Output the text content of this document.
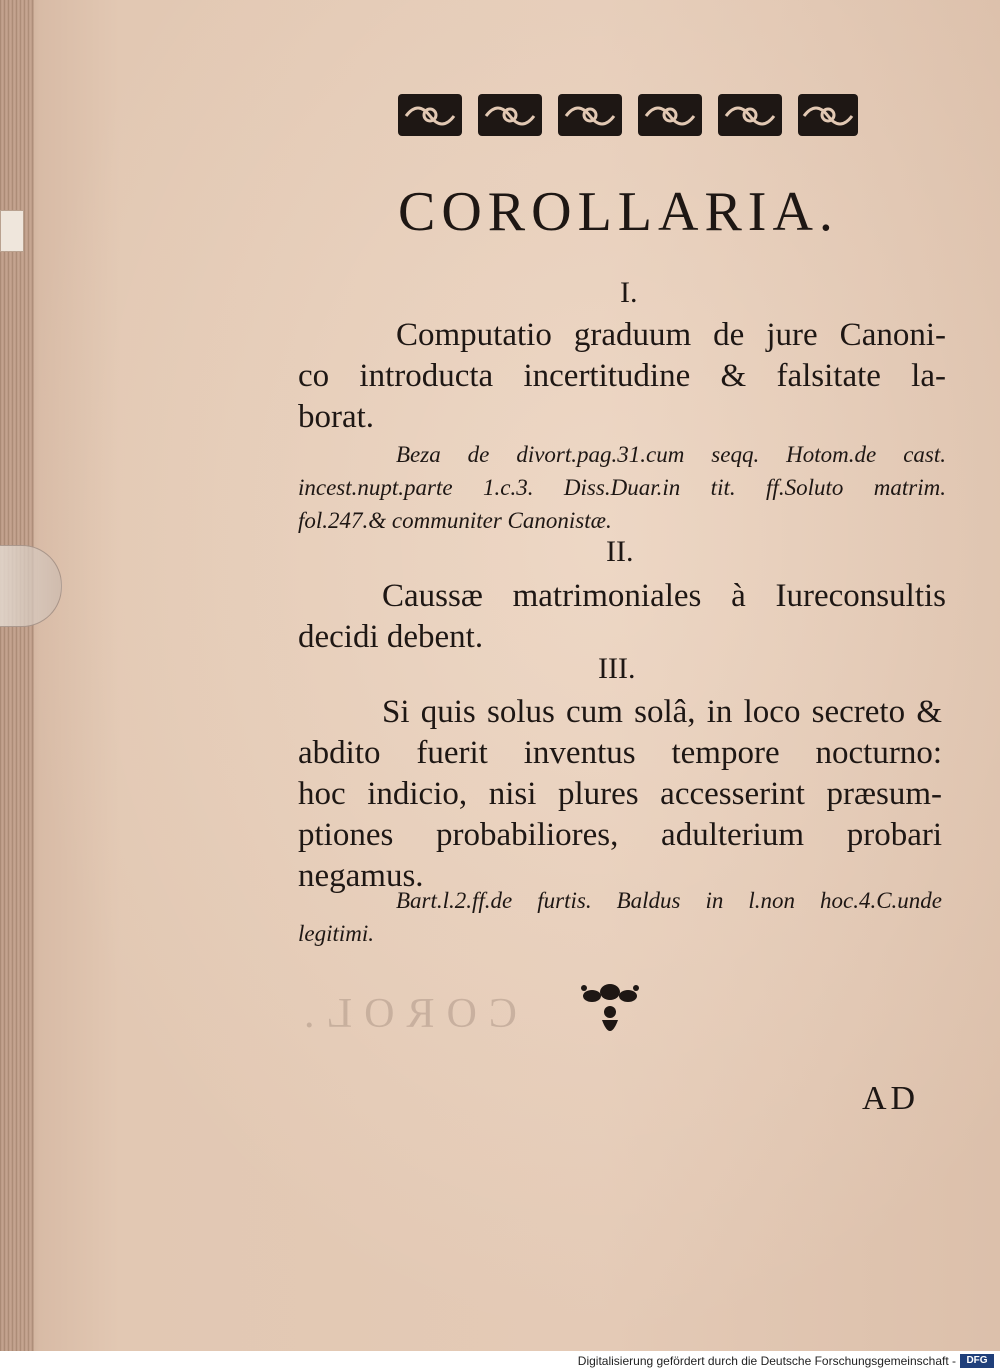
COROL.
COROLLARIA.
I.
Computatio graduum de jure Canoni-
co introducta incertitudine & falsitate la-
borat.
Beza de divort.pag.31.cum seqq. Hotom.de cast.
incest.nupt.parte 1.c.3. Diss.Duar.in tit. ff.Soluto matrim.
fol.247.& communiter Canonistæ.
II.
Caussæ matrimoniales à Iureconsultis
decidi debent.
III.
Si quis solus cum solâ, in loco secreto &
abdito fuerit inventus tempore nocturno:
hoc indicio, nisi plures accesserint præsum-
ptiones probabiliores, adulterium probari
negamus.
Bart.l.2.ff.de furtis. Baldus in l.non hoc.4.C.unde
legitimi.
AD
Digitalisierung gefördert durch die Deutsche Forschungsgemeinschaft -	DFG
